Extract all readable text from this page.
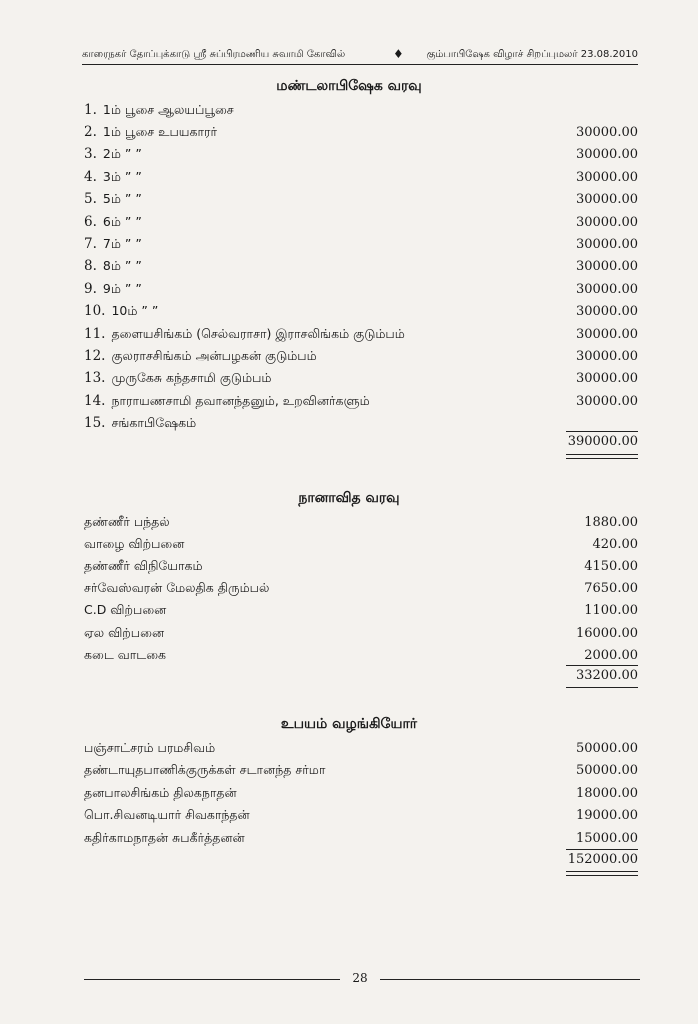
காரைநகர் தோப்புக்காடு ஸ்ரீ சுப்பிரமணிய சுவாமி கோவில்	கும்பாபிஷேக விழாச் சிறப்புமலர் 23.08.2010
♦
மண்டலாபிஷேக வரவு
1. 1ம் பூசை ஆலயப்பூசை
2. 1ம் பூசை உபயகாரர்	30000.00
3. 2ம் ” ”	30000.00
4. 3ம் ” ”	30000.00
5. 5ம் ” ”	30000.00
6. 6ம் ” ”	30000.00
7. 7ம் ” ”	30000.00
8. 8ம் ” ”	30000.00
9. 9ம் ” ”	30000.00
10. 10ம் ” ”	30000.00
11. தளையசிங்கம் (செல்வராசா) இராசலிங்கம் குடும்பம்	30000.00
12. குலராசசிங்கம் அன்பழகன் குடும்பம்	30000.00
13. முருகேசு கந்தசாமி குடும்பம்	30000.00
14. நாராயணசாமி தவானந்தனும், உறவினர்களும்	30000.00
15. சங்காபிஷேகம்
390000.00
நானாவித வரவு
தண்ணீர் பந்தல்	1880.00
வாழை விற்பனை	420.00
தண்ணீர் விநியோகம்	4150.00
சர்வேஸ்வரன் மேலதிக திரும்பல்	7650.00
C.D விற்பனை	1100.00
ஏல விற்பனை	16000.00
கடை வாடகை	2000.00
33200.00
உபயம் வழங்கியோர்
பஞ்சாட்சரம் பரமசிவம்	50000.00
தண்டாயுதபாணிக்குருக்கள் சடானந்த சர்மா	50000.00
தனபாலசிங்கம் திலகநாதன்	18000.00
பொ.சிவனடியார் சிவகாந்தன்	19000.00
கதிர்காமநாதன் சுபகீர்த்தனன்	15000.00
152000.00
28
